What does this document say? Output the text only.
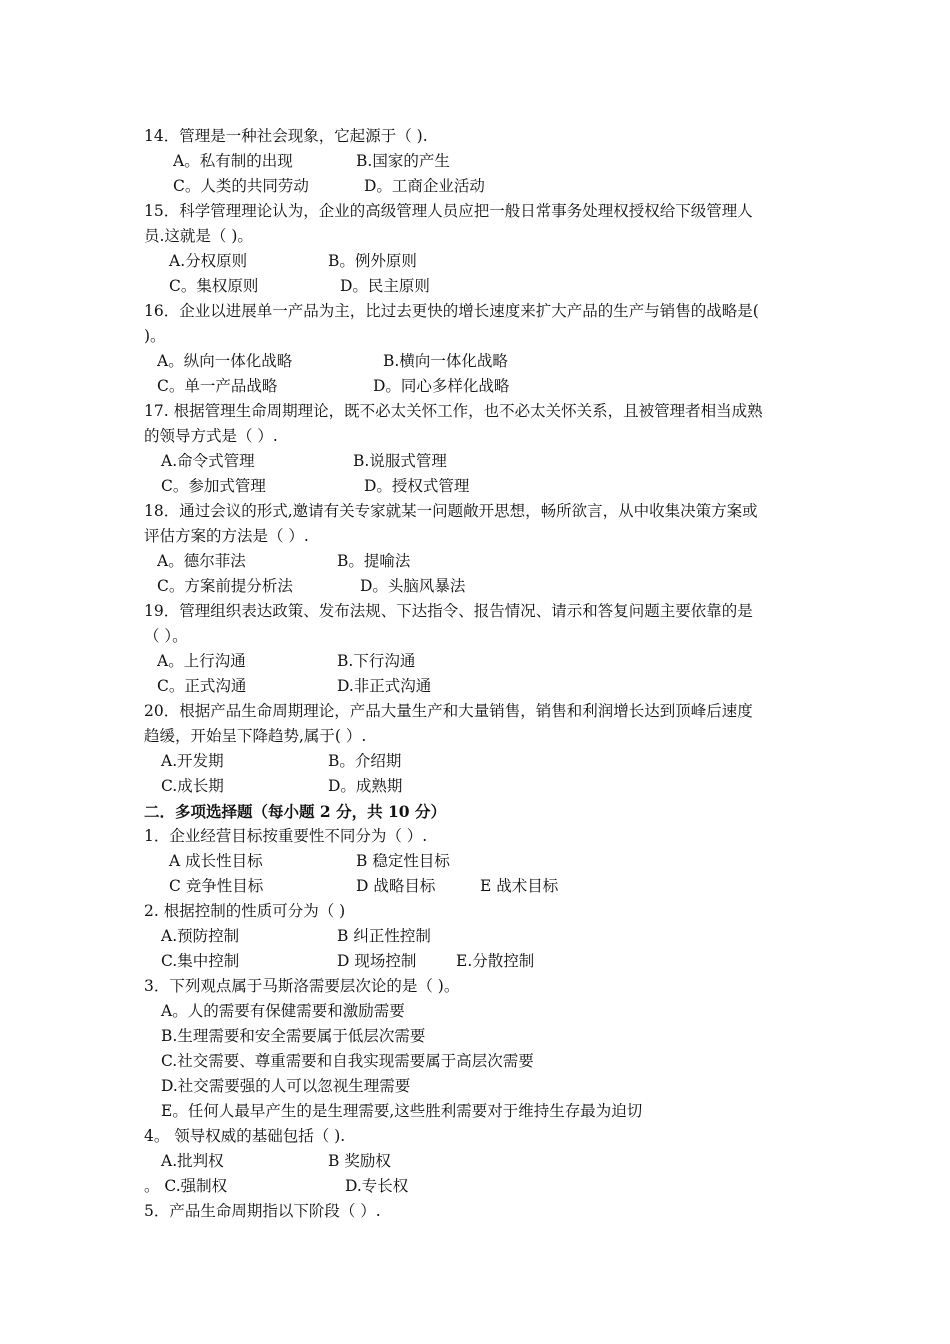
14．管理是一种社会现象，它起源于（ ).

A。私有制的出现	B.国家的产生

C。人类的共同劳动	D。工商企业活动

15．科学管理理论认为，企业的高级管理人员应把一般日常事务处理权授权给下级管理人

员.这就是（ )。

A.分权原则	B。例外原则

C。集权原则	D。民主原则

16．企业以进展单一产品为主，比过去更快的增长速度来扩大产品的生产与销售的战略是(

)。

A。纵向一体化战略	B.横向一体化战略

C。单一产品战略	D。同心多样化战略

17. 根据管理生命周期理论，既不必太关怀工作，也不必太关怀关系，且被管理者相当成熟

的领导方式是（ ）.

A.命令式管理	B.说服式管理

C。参加式管理	D。授权式管理

18．通过会议的形式,邀请有关专家就某一问题敞开思想，畅所欲言，从中收集决策方案或

评估方案的方法是（ ）.

A。德尔菲法	B。提喻法

C。方案前提分析法	D。头脑风暴法

19．管理组织表达政策、发布法规、下达指令、报告情况、请示和答复问题主要依靠的是

（ ）。

A。上行沟通	B.下行沟通

C。正式沟通	D.非正式沟通

20．根据产品生命周期理论，产品大量生产和大量销售，销售和利润增长达到顶峰后速度

趋缓，开始呈下降趋势,属于( ）.

A.开发期	B。介绍期

C.成长期	D。成熟期

二．多项选择题（每小题 2 分，共 10 分）

1．企业经营目标按重要性不同分为（ ）.

A 成长性目标	B 稳定性目标

C 竞争性目标	D 战略目标	E 战术目标

2. 根据控制的性质可分为（ )

A.预防控制	B 纠正性控制

C.集中控制	D 现场控制	E.分散控制

3．下列观点属于马斯洛需要层次论的是（ )。

A。人的需要有保健需要和激励需要

B.生理需要和安全需要属于低层次需要

C.社交需要、尊重需要和自我实现需要属于高层次需要

D.社交需要强的人可以忽视生理需要

E。任何人最早产生的是生理需要,这些胜利需要对于维持生存最为迫切

4。 领导权威的基础包括（ ).

A.批判权	B 奖励权

。 C.强制权	D.专长权

5．产品生命周期指以下阶段（ ）.
